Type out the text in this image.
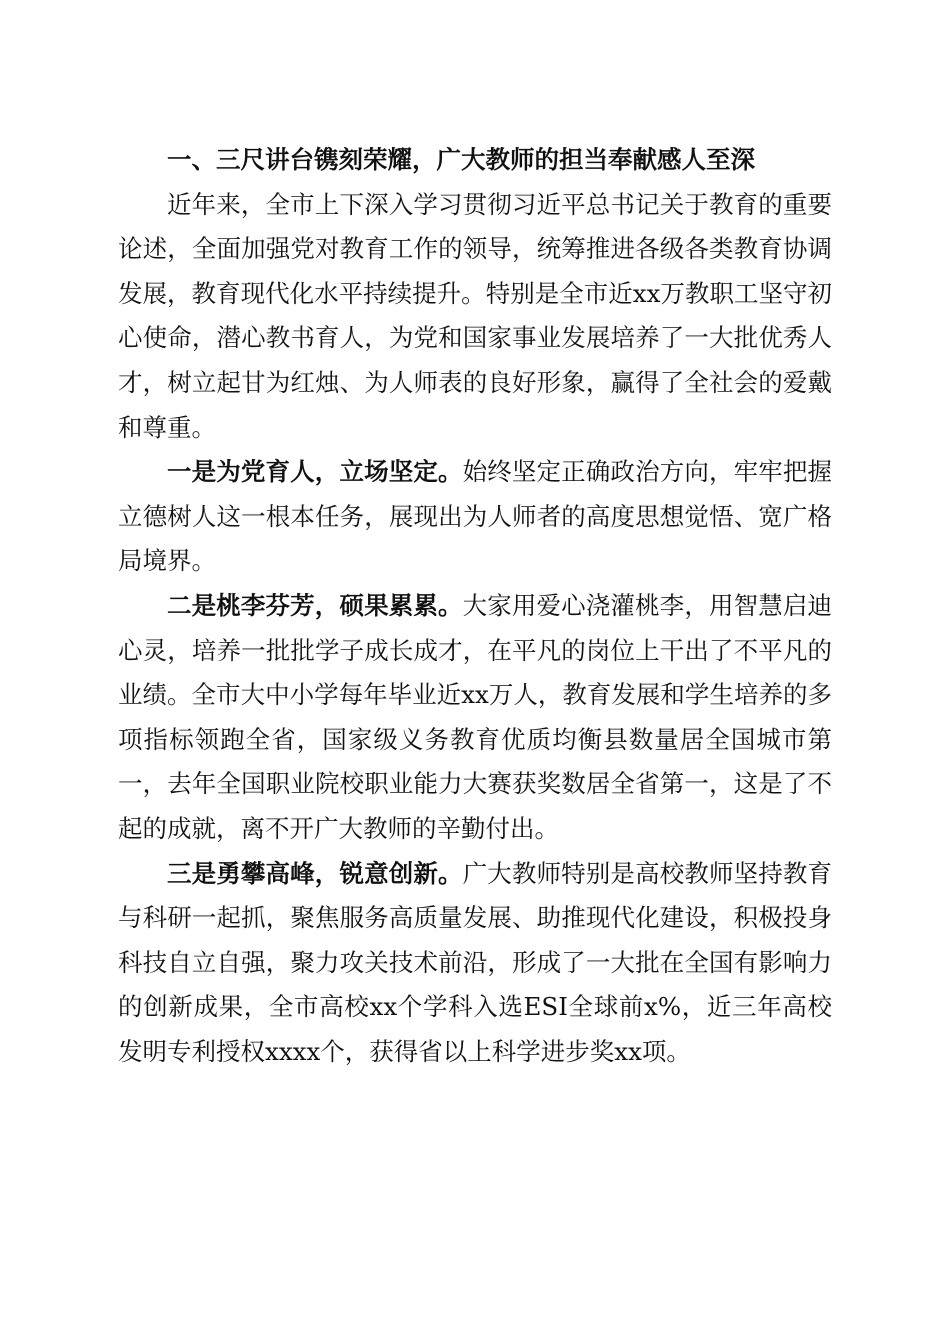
一、三尺讲台镌刻荣耀，广大教师的担当奉献感人至深

近年来，全市上下深入学习贯彻习近平总书记关于教育的重要论述，全面加强党对教育工作的领导，统筹推进各级各类教育协调发展，教育现代化水平持续提升。特别是全市近xx万教职工坚守初心使命，潜心教书育人，为党和国家事业发展培养了一大批优秀人才，树立起甘为红烛、为人师表的良好形象，赢得了全社会的爱戴和尊重。

一是为党育人，立场坚定。始终坚定正确政治方向，牢牢把握立德树人这一根本任务，展现出为人师者的高度思想觉悟、宽广格局境界。

二是桃李芬芳，硕果累累。大家用爱心浇灌桃李，用智慧启迪心灵，培养一批批学子成长成才，在平凡的岗位上干出了不平凡的业绩。全市大中小学每年毕业近xx万人，教育发展和学生培养的多项指标领跑全省，国家级义务教育优质均衡县数量居全国城市第一，去年全国职业院校职业能力大赛获奖数居全省第一，这是了不起的成就，离不开广大教师的辛勤付出。

三是勇攀高峰，锐意创新。广大教师特别是高校教师坚持教育与科研一起抓，聚焦服务高质量发展、助推现代化建设，积极投身科技自立自强，聚力攻关技术前沿，形成了一大批在全国有影响力的创新成果，全市高校xx个学科入选ESI全球前x%，近三年高校发明专利授权xxxx个，获得省以上科学进步奖xx项。
